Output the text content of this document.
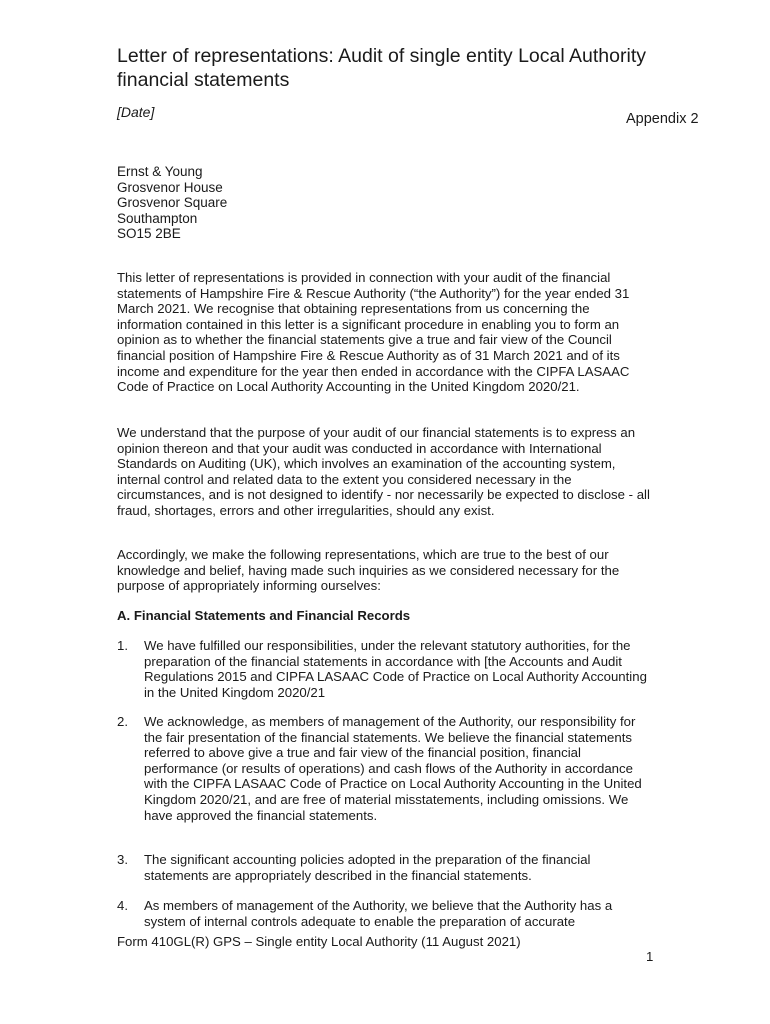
Letter of representations: Audit of single entity Local Authority financial statements

[Date]	Appendix 2

Ernst & Young
Grosvenor House
Grosvenor Square
Southampton
SO15 2BE

This letter of representations is provided in connection with your audit of the financial statements of Hampshire Fire & Rescue Authority (“the Authority”) for the year ended 31 March 2021. We recognise that obtaining representations from us concerning the information contained in this letter is a significant procedure in enabling you to form an opinion as to whether the financial statements give a true and fair view of the Council financial position of Hampshire Fire & Rescue Authority as of 31 March 2021 and of its income and expenditure for the year then ended in accordance with the CIPFA LASAAC Code of Practice on Local Authority Accounting in the United Kingdom 2020/21.

We understand that the purpose of your audit of our financial statements is to express an opinion thereon and that your audit was conducted in accordance with International Standards on Auditing (UK), which involves an examination of the accounting system, internal control and related data to the extent you considered necessary in the circumstances, and is not designed to identify - nor necessarily be expected to disclose - all fraud, shortages, errors and other irregularities, should any exist.

Accordingly, we make the following representations, which are true to the best of our knowledge and belief, having made such inquiries as we considered necessary for the purpose of appropriately informing ourselves:

A. Financial Statements and Financial Records
1.	We have fulfilled our responsibilities, under the relevant statutory authorities, for the preparation of the financial statements in accordance with [the Accounts and Audit Regulations 2015 and CIPFA LASAAC Code of Practice on Local Authority Accounting in the United Kingdom 2020/21
2.	We acknowledge, as members of management of the Authority, our responsibility for the fair presentation of the financial statements. We believe the financial statements referred to above give a true and fair view of the financial position, financial performance (or results of operations) and cash flows of the Authority in accordance with the CIPFA LASAAC Code of Practice on Local Authority Accounting in the United Kingdom 2020/21, and are free of material misstatements, including omissions. We have approved the financial statements.
3.	The significant accounting policies adopted in the preparation of the financial statements are appropriately described in the financial statements.
4.	As members of management of the Authority, we believe that the Authority has a system of internal controls adequate to enable the preparation of accurate

Form 410GL(R) GPS – Single entity Local Authority (11 August 2021)

1
